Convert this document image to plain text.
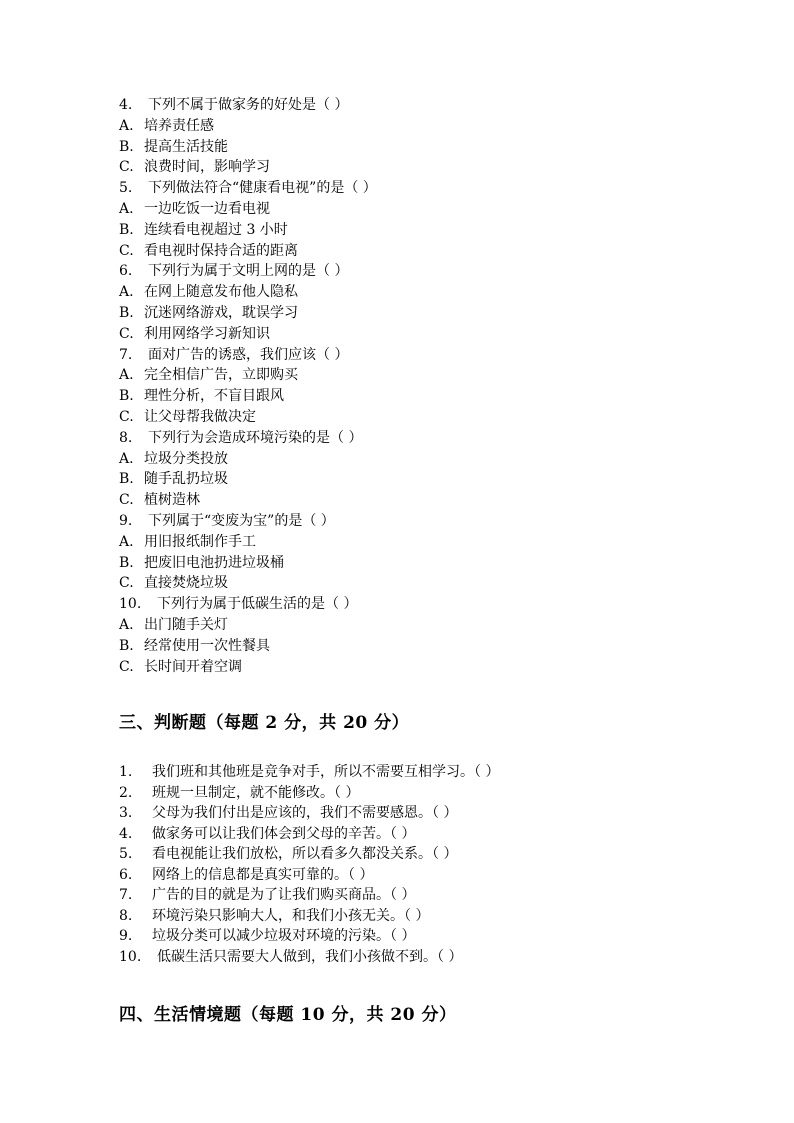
4.	下列不属于做家务的好处是（ ）
A. 培养责任感
B. 提高生活技能
C. 浪费时间，影响学习
5.	下列做法符合“健康看电视”的是（ ）
A. 一边吃饭一边看电视
B. 连续看电视超过 3 小时
C. 看电视时保持合适的距离
6.	下列行为属于文明上网的是（ ）
A. 在网上随意发布他人隐私
B. 沉迷网络游戏，耽误学习
C. 利用网络学习新知识
7.	面对广告的诱惑，我们应该（ ）
A. 完全相信广告，立即购买
B. 理性分析，不盲目跟风
C. 让父母帮我做决定
8.	下列行为会造成环境污染的是（ ）
A. 垃圾分类投放
B. 随手乱扔垃圾
C. 植树造林
9.	下列属于“变废为宝”的是（ ）
A. 用旧报纸制作手工
B. 把废旧电池扔进垃圾桶
C. 直接焚烧垃圾
10.	下列行为属于低碳生活的是（ ）
A. 出门随手关灯
B. 经常使用一次性餐具
C. 长时间开着空调
三、判断题（每题 2 分，共 20 分）
1.	我们班和其他班是竞争对手，所以不需要互相学习。（ ）
2.	班规一旦制定，就不能修改。（ ）
3.	父母为我们付出是应该的，我们不需要感恩。（ ）
4.	做家务可以让我们体会到父母的辛苦。（ ）
5.	看电视能让我们放松，所以看多久都没关系。（ ）
6.	网络上的信息都是真实可靠的。（ ）
7.	广告的目的就是为了让我们购买商品。（ ）
8.	环境污染只影响大人，和我们小孩无关。（ ）
9.	垃圾分类可以减少垃圾对环境的污染。（ ）
10.	低碳生活只需要大人做到，我们小孩做不到。（ ）
四、生活情境题（每题 10 分，共 20 分）
